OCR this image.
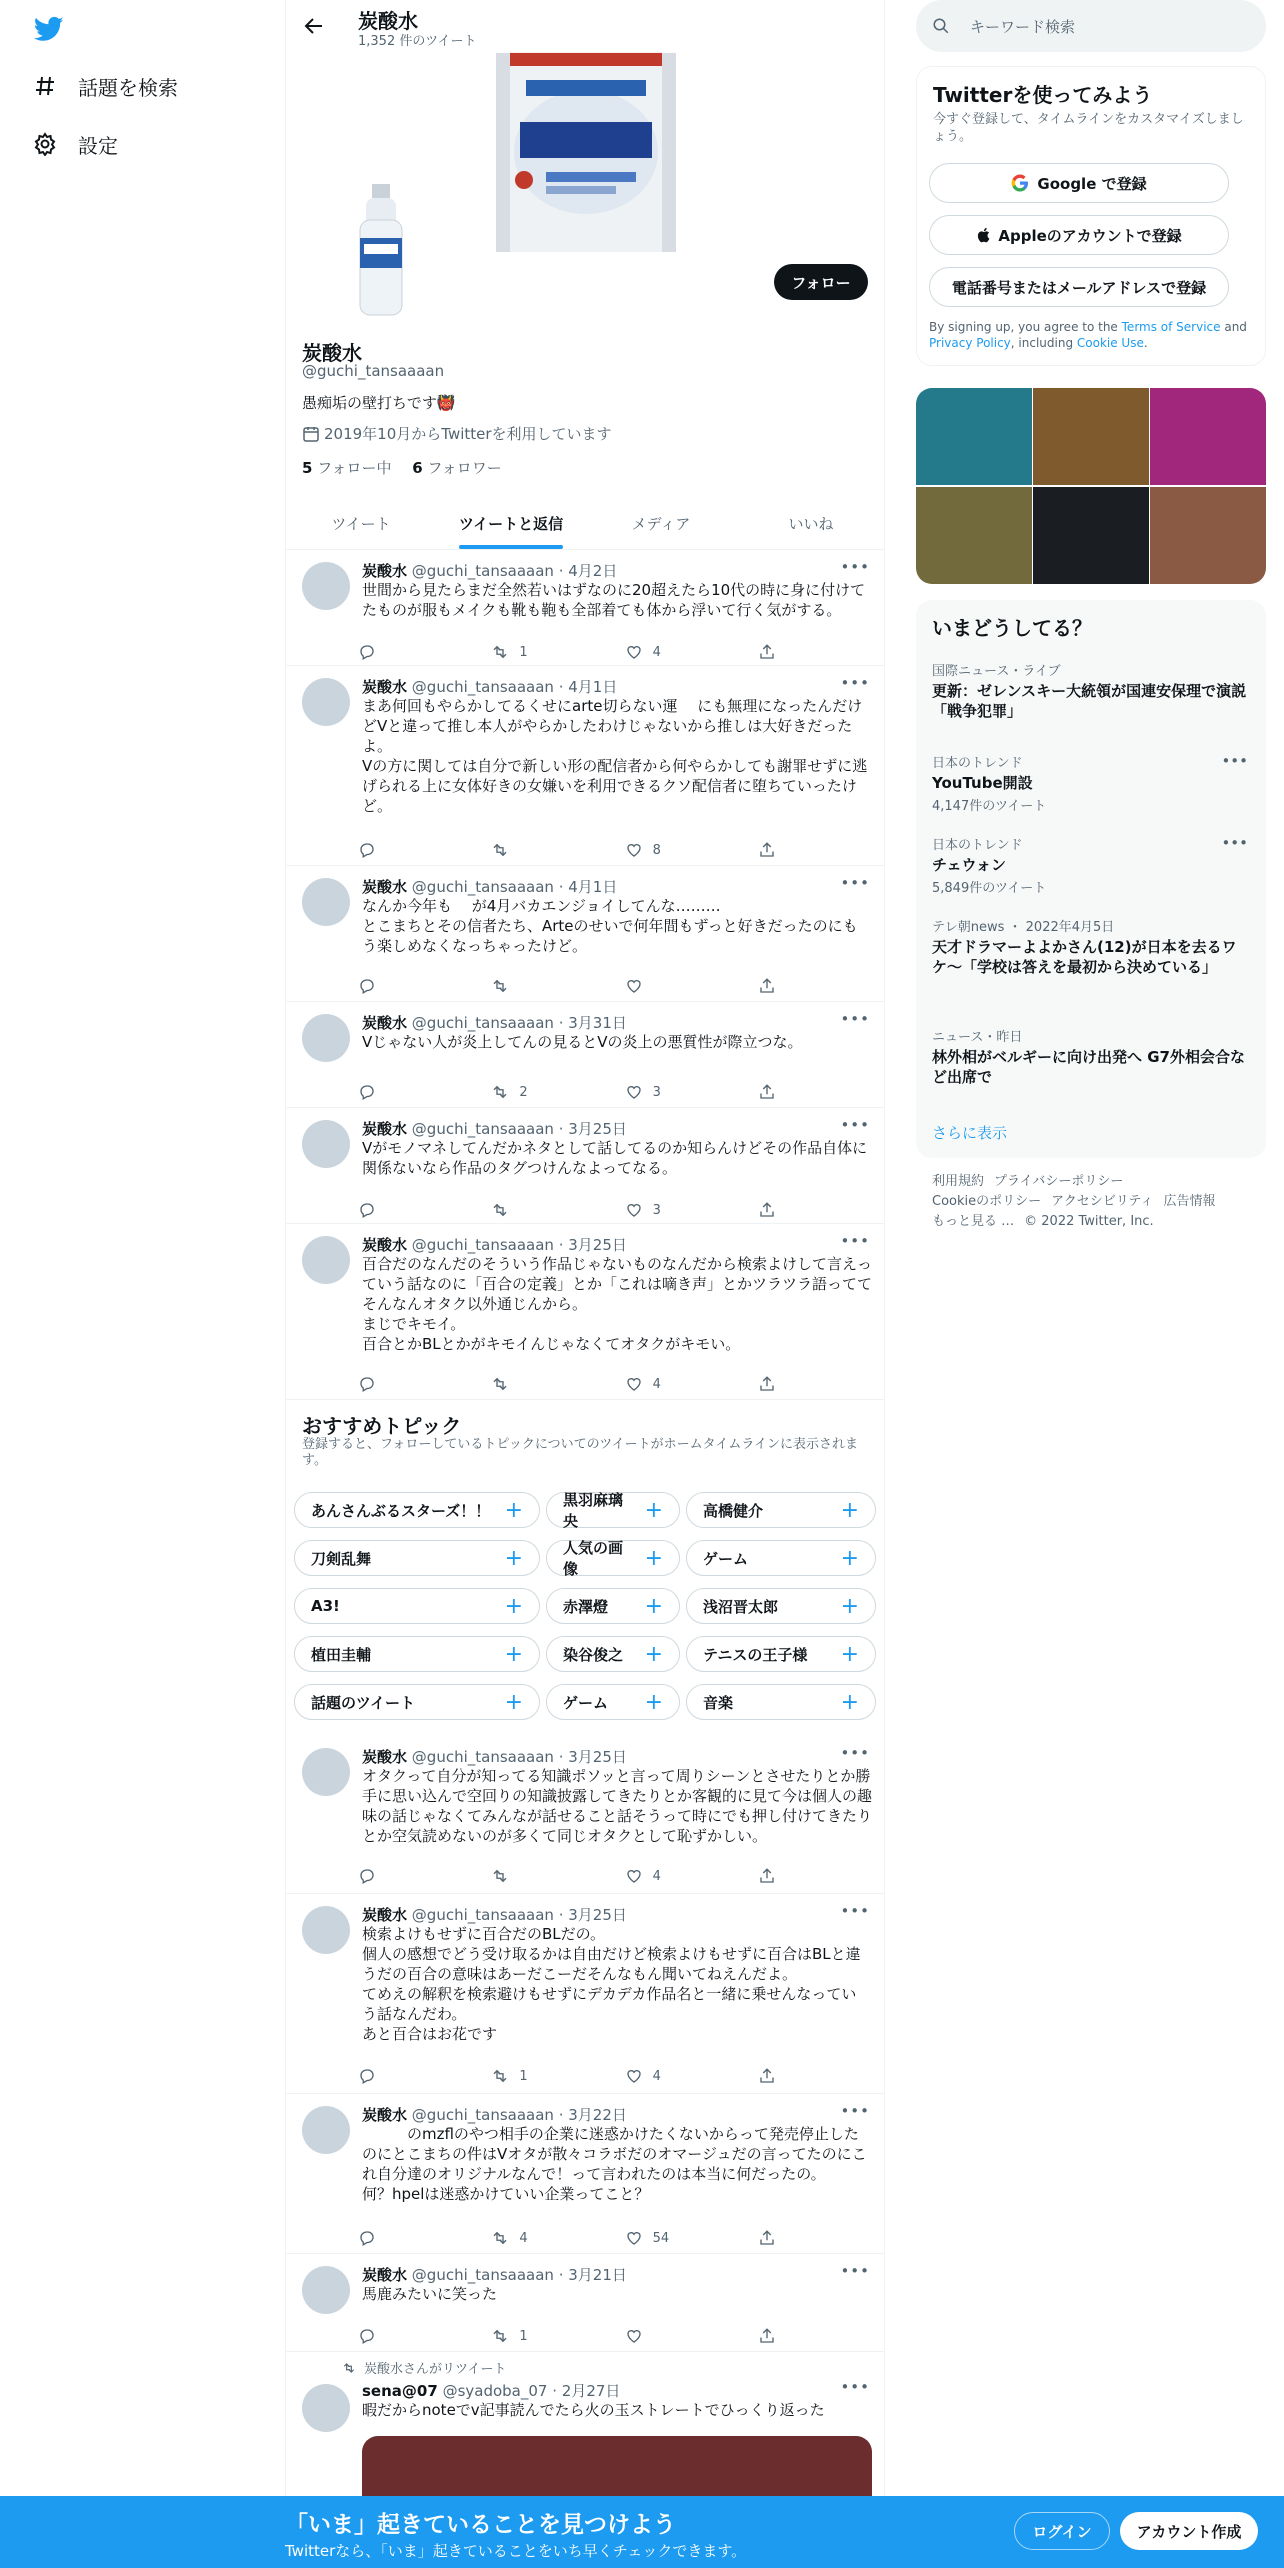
話題を検索
設定
炭酸水
1,352 件のツイート
フォロー
炭酸水
@guchi_tansaaaan
愚痴垢の壁打ちです👹
2019年10月からTwitterを利用しています
5 フォロー中 6 フォロワー
ツイート	ツイートと返信	メディア	いいね
炭酸水 @guchi_tansaaaan · 4月2日	•••
世間から見たらまだ全然若いはずなのに20超えたら10代の時に身に付けてたものが服もメイクも靴も鞄も全部着ても体から浮いて行く気がする。
1	4
炭酸水 @guchi_tansaaaan · 4月1日	•••
まあ何回もやらかしてるくせにarte切らない運　 にも無理になったんだけどVと違って推し本人がやらかしたわけじゃないから推しは大好きだったよ。
Vの方に関しては自分で新しい形の配信者から何やらかしても謝罪せずに逃げられる上に女体好きの女嫌いを利用できるクソ配信者に堕ちていったけど。
8
炭酸水 @guchi_tansaaaan · 4月1日	•••
なんか今年も　 が4月バカエンジョイしてんな………
とこまちとその信者たち、Arteのせいで何年間もずっと好きだったのにもう楽しめなくなっちゃったけど。
炭酸水 @guchi_tansaaaan · 3月31日	•••
Vじゃない人が炎上してんの見るとVの炎上の悪質性が際立つな。
2	3
炭酸水 @guchi_tansaaaan · 3月25日	•••
Vがモノマネしてんだかネタとして話してるのか知らんけどその作品自体に関係ないなら作品のタグつけんなよってなる。
3
炭酸水 @guchi_tansaaaan · 3月25日	•••
百合だのなんだのそういう作品じゃないものなんだから検索よけして言えっていう話なのに「百合の定義」とか「これは嘀き声」とかツラツラ語っててそんなんオタク以外通じんから。
まじでキモイ。
百合とかBLとかがキモイんじゃなくてオタクがキモい。
4
おすすめトピック
登録すると、フォローしているトピックについてのツイートがホームタイムラインに表示されます。
あんさんぶるスターズ！！ +	黒羽麻璃央	+	高橋健介	+
刀剣乱舞	+	人気の画像	+	ゲーム	+
A3!	+	赤澤燈 +	浅沼晋太郎	+
植田圭輔	+	染谷俊之 +	テニスの王子様 +
話題のツイート	+	ゲーム +	音楽	+
炭酸水 @guchi_tansaaaan · 3月25日	•••
オタクって自分が知ってる知識ポソッと言って周りシーンとさせたりとか勝手に思い込んで空回りの知識披露してきたりとか客観的に見て今は個人の趣味の話じゃなくてみんなが話せること話そうって時にでも押し付けてきたりとか空気読めないのが多くて同じオタクとして恥ずかしい。
4
炭酸水 @guchi_tansaaaan · 3月25日	•••
検索よけもせずに百合だのBLだの。
個人の感想でどう受け取るかは自由だけど検索よけもせずに百合はBLと違うだの百合の意味はあーだこーだそんなもん聞いてねえんだよ。
てめえの解釈を検索避けもせずにデカデカ作品名と一緒に乗せんなってい う話なんだわ。
あと百合はお花です
1	4
炭酸水 @guchi_tansaaaan · 3月22日	•••
　　　のmzflのやつ相手の企業に迷惑かけたくないからって発売停止したのにとこまちの件はVオタが散々コラボだのオマージュだの言ってたのにこれ自分達のオリジナルなんで！って言われたのは本当に何だったの。
何？hpelは迷惑かけていい企業ってこと？
4	54
炭酸水 @guchi_tansaaaan · 3月21日	•••
馬鹿みたいに笑った
1
炭酸水さんがリツイート
sena@07 @syadoba_07 · 2月27日	•••
暇だからnoteでv記事読んでたら火の玉ストレートでひっくり返った
キーワード検索
Twitterを使ってみよう
今すぐ登録して、タイムラインをカスタマイズしましょう。
Google で登録
Appleのアカウントで登録
電話番号またはメールアドレスで登録
By signing up, you agree to the Terms of Service and Privacy Policy, including Cookie Use.
いまどうしてる？
国際ニュース・ライブ
更新：ゼレンスキー大統領が国連安保理で演説 「戦争犯罪」
日本のトレンド
YouTube開設
4,147件のツイート
•••
日本のトレンド
チェウォン
5,849件のツイート
•••
テレ朝news ・ 2022年4月5日
天才ドラマーよよかさん(12)が日本を去るワケ～「学校は答えを最初から決めている」
ニュース・昨日
林外相がベルギーに向け出発へ G7外相会合など出席で
さらに表示
利用規約 プライバシーポリシー
Cookieのポリシー アクセシビリティ 広告情報
もっと見る … © 2022 Twitter, Inc.
「いま」起きていることを見つけよう
Twitterなら、「いま」起きていることをいち早くチェックできます。
ログイン	アカウント作成
